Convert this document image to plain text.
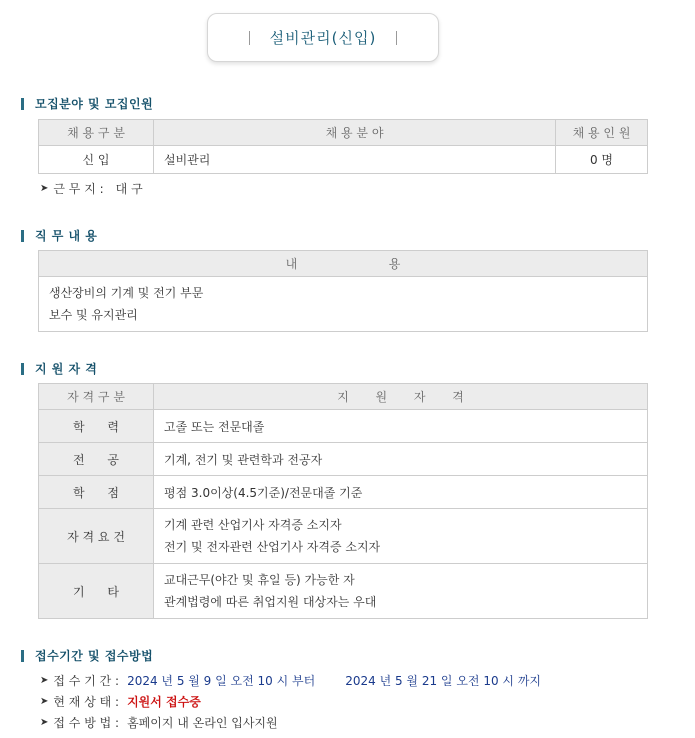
설비관리(신입)
모집분야 및 모집인원
채 용 구 분	채 용 분 야	채 용 인 원
신 입	설비관리	0 명
➤ 근 무 지 : 대 구
직 무 내 용
내                        용

생산장비의 기계 및 전기 부문
보수 및 유지관리
지 원 자 격
자 격 구 분	지       원       자       격
학      력	고졸 또는 전문대졸
전      공	기계, 전기 및 관련학과 전공자
학      점	평점 3.0이상(4.5기준)/전문대졸 기준
자 격 요 건	기계 관련 산업기사 자격증 소지자
전기 및 전자관련 산업기사 자격증 소지자

기      타	교대근무(야간 및 휴일 등) 가능한 자
관계법령에 따른 취업지원 대상자는 우대
접수기간 및 접수방법
➤ 접 수 기 간 : 2024 년 5 월 9 일 오전 10 시 부터	2024 년 5 월 21 일 오전 10 시 까지
➤ 현 재 상 태 : 지원서 접수중
➤ 접 수 방 법 : 홈페이지 내 온라인 입사지원
